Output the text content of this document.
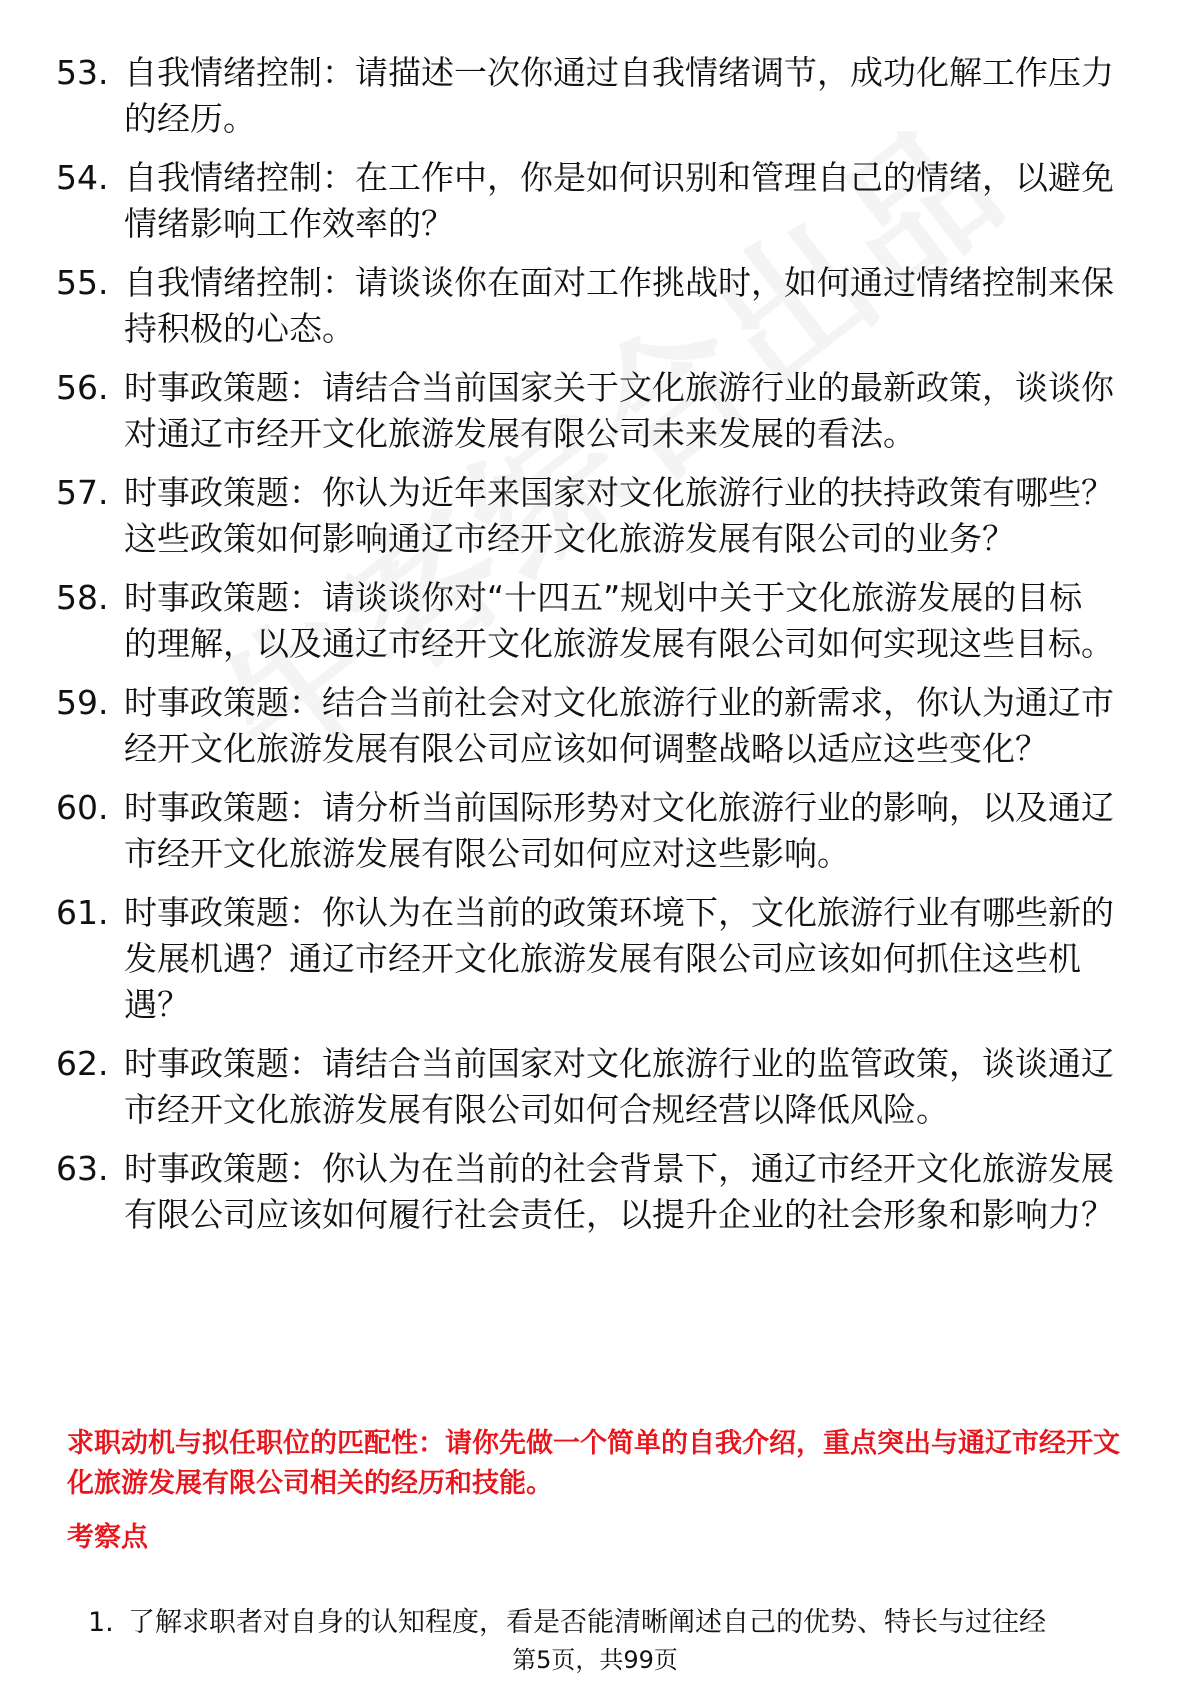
53. 自我情绪控制：请描述一次你通过自我情绪调节，成功化解工作压力的经历。
54. 自我情绪控制：在工作中，你是如何识别和管理自己的情绪，以避免情绪影响工作效率的？
55. 自我情绪控制：请谈谈你在面对工作挑战时，如何通过情绪控制来保持积极的心态。
56. 时事政策题：请结合当前国家关于文化旅游行业的最新政策，谈谈你对通辽市经开文化旅游发展有限公司未来发展的看法。
57. 时事政策题：你认为近年来国家对文化旅游行业的扶持政策有哪些？这些政策如何影响通辽市经开文化旅游发展有限公司的业务？
58. 时事政策题：请谈谈你对“十四五”规划中关于文化旅游发展的目标的理解，以及通辽市经开文化旅游发展有限公司如何实现这些目标。
59. 时事政策题：结合当前社会对文化旅游行业的新需求，你认为通辽市经开文化旅游发展有限公司应该如何调整战略以适应这些变化？
60. 时事政策题：请分析当前国际形势对文化旅游行业的影响，以及通辽市经开文化旅游发展有限公司如何应对这些影响。
61. 时事政策题：你认为在当前的政策环境下，文化旅游行业有哪些新的发展机遇？通辽市经开文化旅游发展有限公司应该如何抓住这些机遇？
62. 时事政策题：请结合当前国家对文化旅游行业的监管政策，谈谈通辽市经开文化旅游发展有限公司如何合规经营以降低风险。
63. 时事政策题：你认为在当前的社会背景下，通辽市经开文化旅游发展有限公司应该如何履行社会责任，以提升企业的社会形象和影响力？
求职动机与拟任职位的匹配性：请你先做一个简单的自我介绍，重点突出与通辽市经开文化旅游发展有限公司相关的经历和技能。
考察点
1. 了解求职者对自身的认知程度，看是否能清晰阐述自己的优势、特长与过往经
第5页，共99页
